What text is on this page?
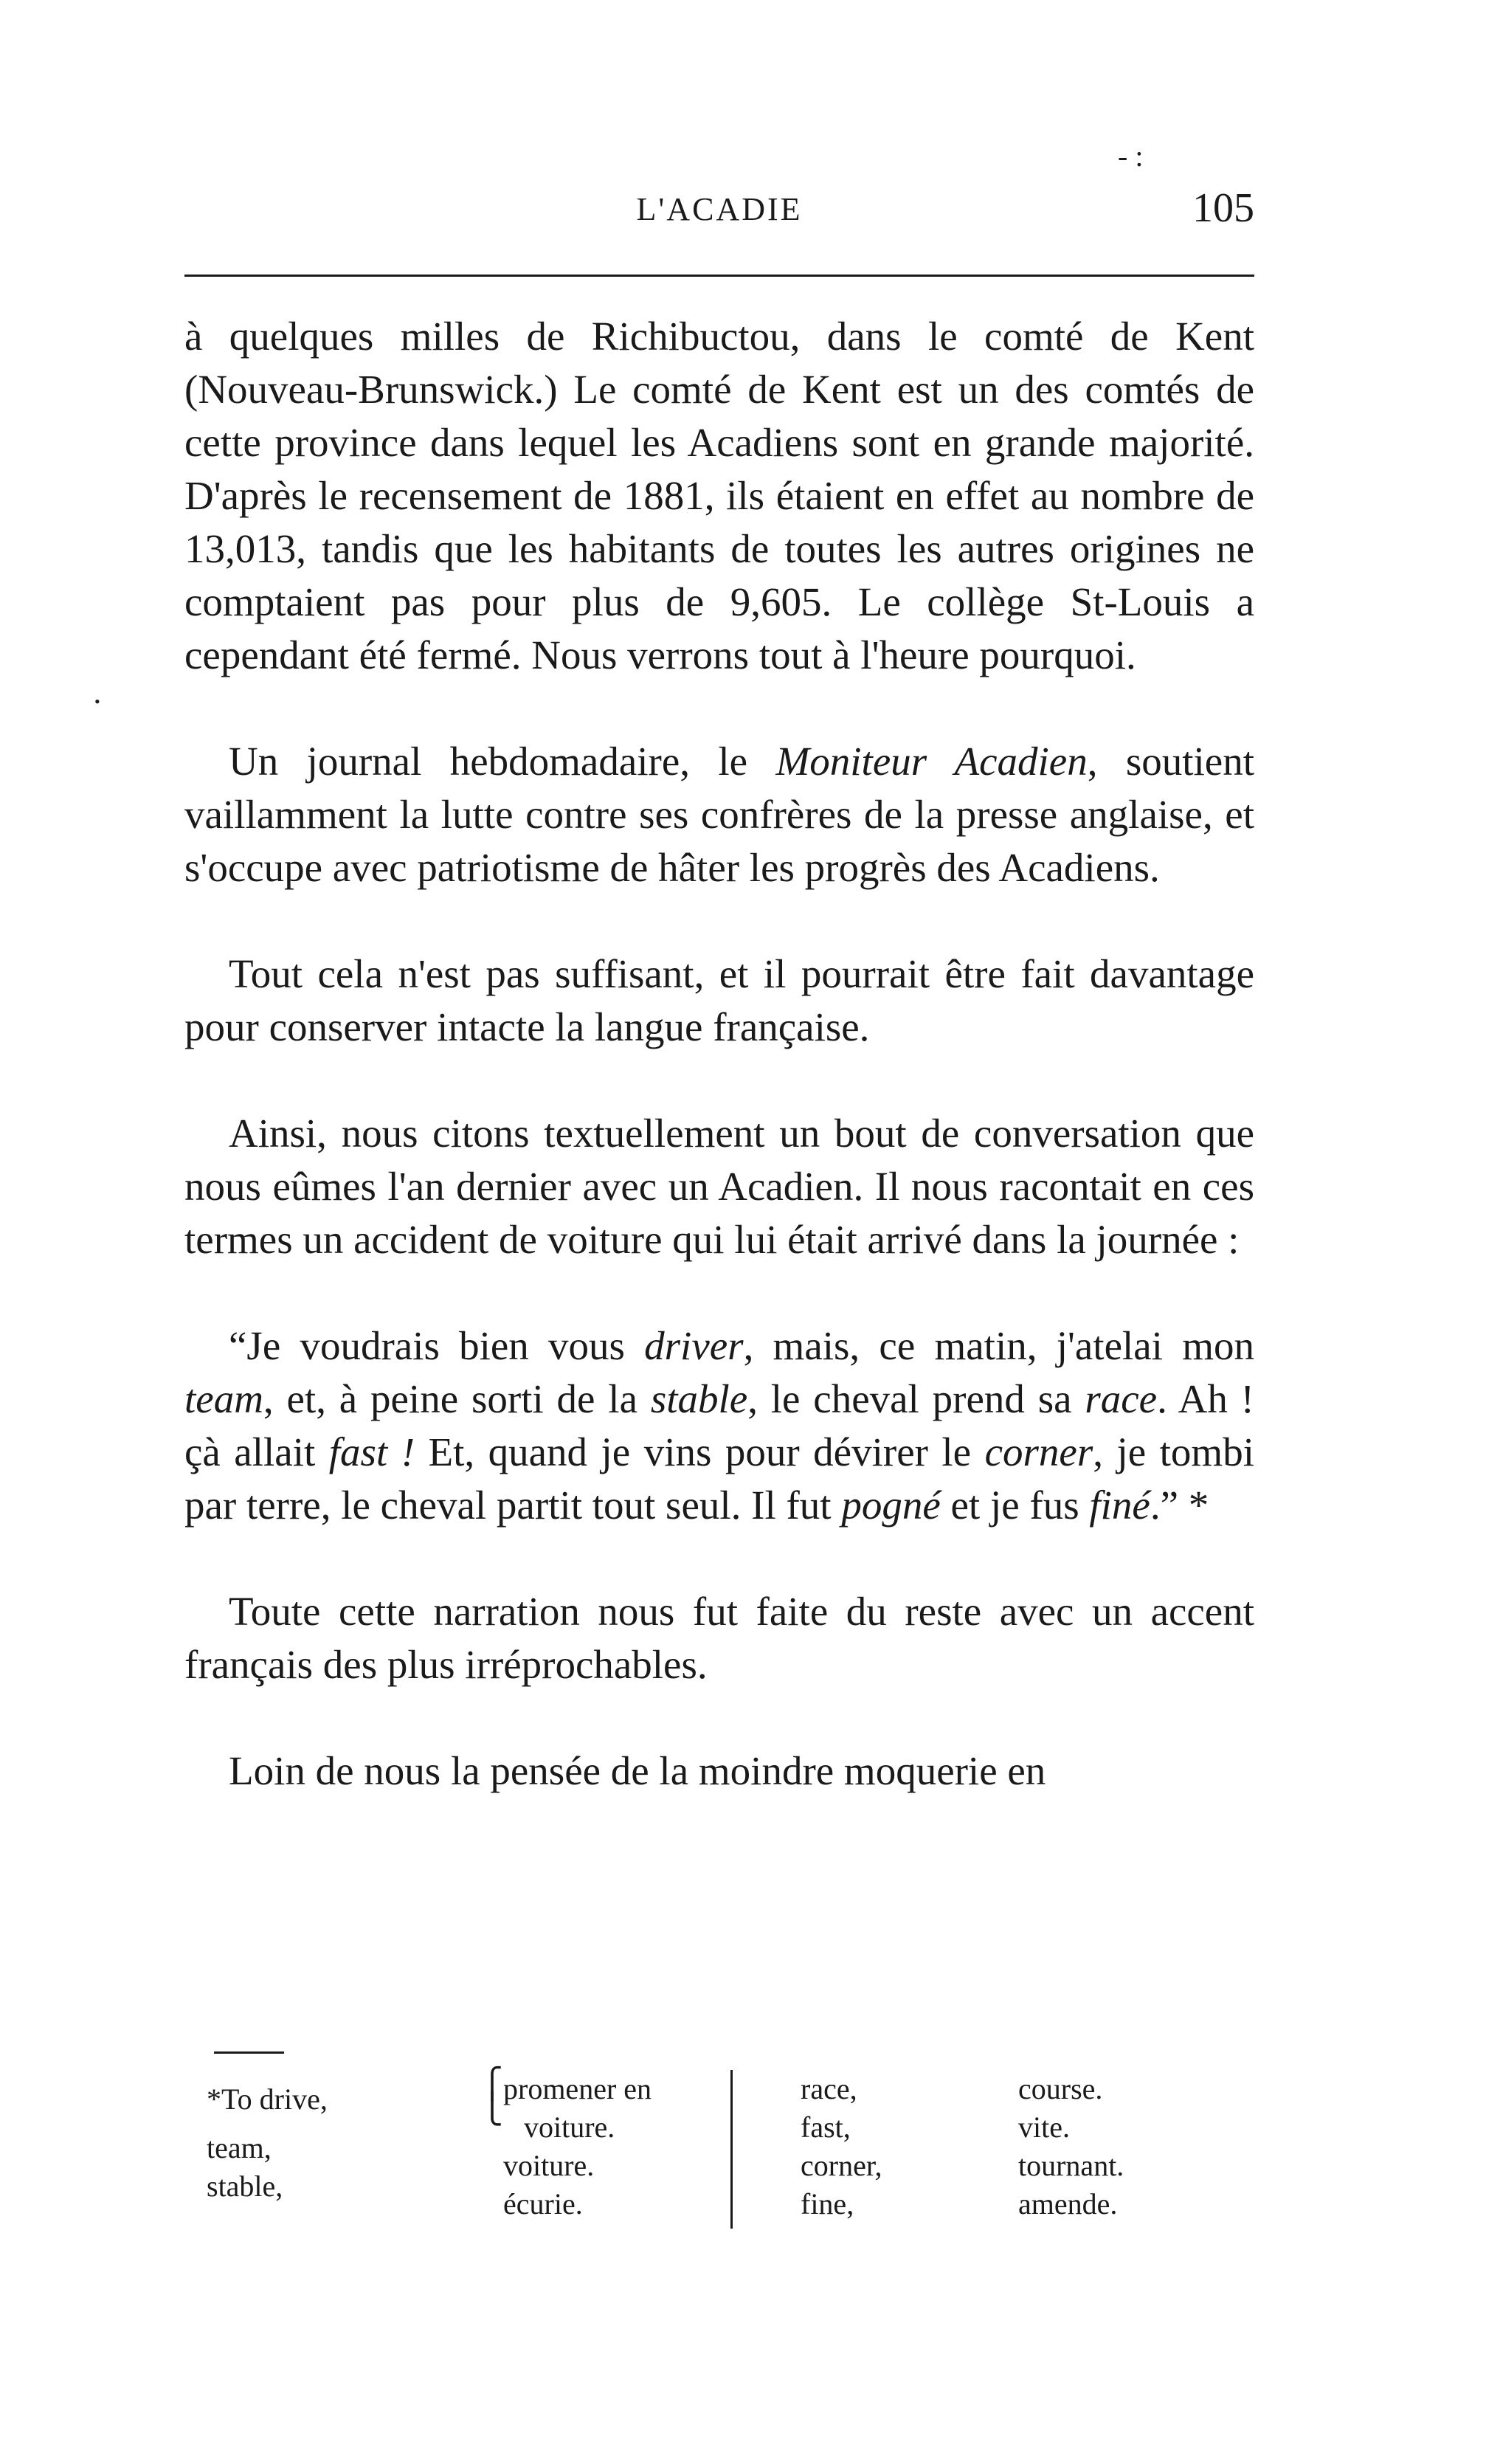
- :
L'ACADIE	105
•

à quelques milles de Richibuctou, dans le comté de Kent (Nouveau-Brunswick.) Le comté de Kent est un des comtés de cette province dans lequel les Acadiens sont en grande majorité. D'après le recensement de 1881, ils étaient en effet au nombre de 13,013, tandis que les habitants de toutes les autres origines ne comptaient pas pour plus de 9,605. Le collège St-Louis a cependant été fermé. Nous verrons tout à l'heure pourquoi.

Un journal hebdomadaire, le Moniteur Acadien, soutient vaillamment la lutte contre ses confrères de la presse anglaise, et s'occupe avec patriotisme de hâter les progrès des Acadiens.

Tout cela n'est pas suffisant, et il pourrait être fait davantage pour conserver intacte la langue française.

Ainsi, nous citons textuellement un bout de conversation que nous eûmes l'an dernier avec un Acadien. Il nous racontait en ces termes un accident de voiture qui lui était arrivé dans la journée :

“Je voudrais bien vous driver, mais, ce matin, j'atelai mon team, et, à peine sorti de la stable, le cheval prend sa race. Ah ! çà allait fast ! Et, quand je vins pour dévirer le corner, je tombi par terre, le cheval partit tout seul. Il fut pogné et je fus finé.” *

Toute cette narration nous fut faite du reste avec un accent français des plus irréprochables.

Loin de nous la pensée de la moindre moquerie en

*To drive,
team,
stable,
⎧
⎩
promener en
voiture.
voiture.
écurie.
race,
fast,
corner,
fine,
course.
vite.
tournant.
amende.
